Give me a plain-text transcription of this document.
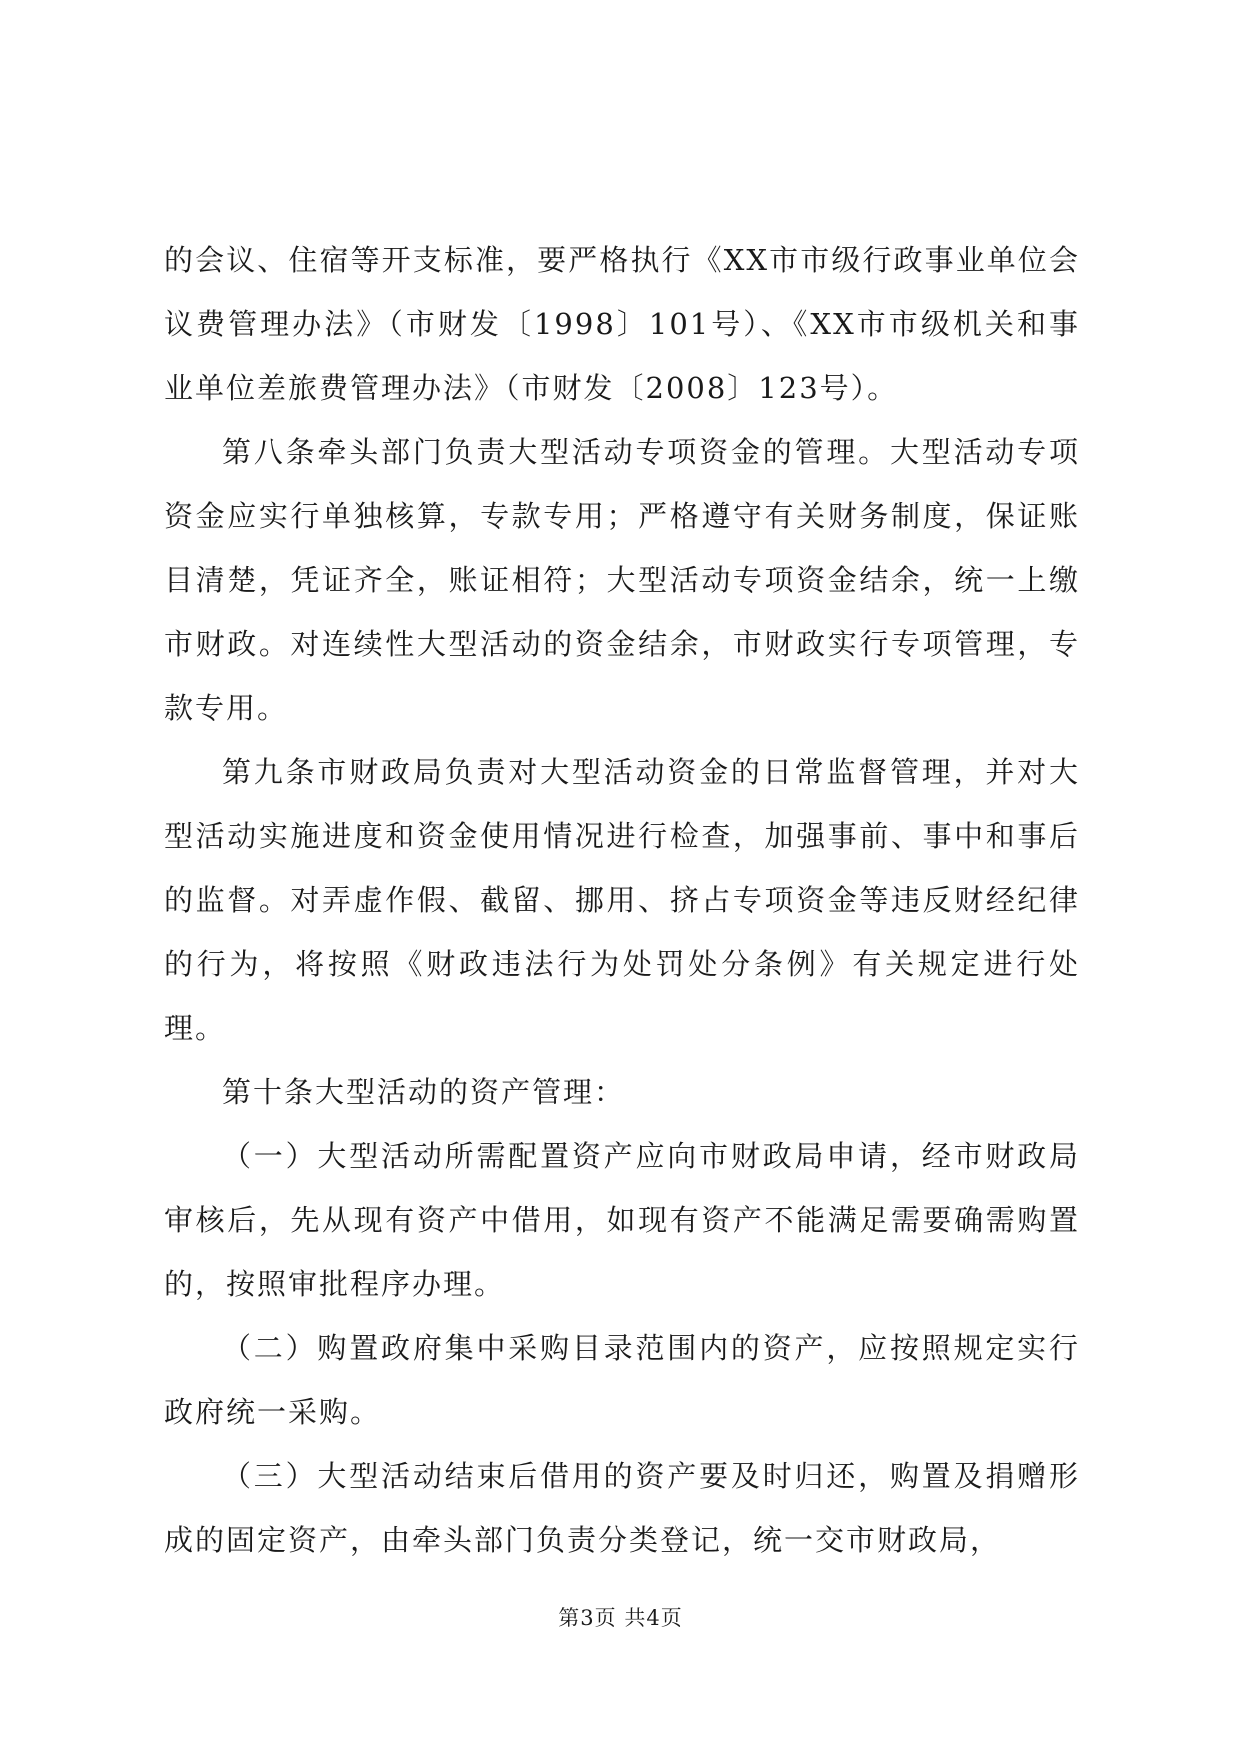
的会议、住宿等开支标准，要严格执行《XX市市级行政事业单位会议费管理办法》（市财发〔1998〕101号）、《XX市市级机关和事业单位差旅费管理办法》（市财发〔2008〕123号）。

第八条牵头部门负责大型活动专项资金的管理。大型活动专项资金应实行单独核算，专款专用；严格遵守有关财务制度，保证账目清楚，凭证齐全，账证相符；大型活动专项资金结余，统一上缴市财政。对连续性大型活动的资金结余，市财政实行专项管理，专款专用。

第九条市财政局负责对大型活动资金的日常监督管理，并对大型活动实施进度和资金使用情况进行检查，加强事前、事中和事后的监督。对弄虚作假、截留、挪用、挤占专项资金等违反财经纪律的行为，将按照《财政违法行为处罚处分条例》有关规定进行处理。

第十条大型活动的资产管理：

（一）大型活动所需配置资产应向市财政局申请，经市财政局审核后，先从现有资产中借用，如现有资产不能满足需要确需购置的，按照审批程序办理。

（二）购置政府集中采购目录范围内的资产，应按照规定实行政府统一采购。

（三）大型活动结束后借用的资产要及时归还，购置及捐赠形成的固定资产，由牵头部门负责分类登记，统一交市财政局，

第3页 共4页
